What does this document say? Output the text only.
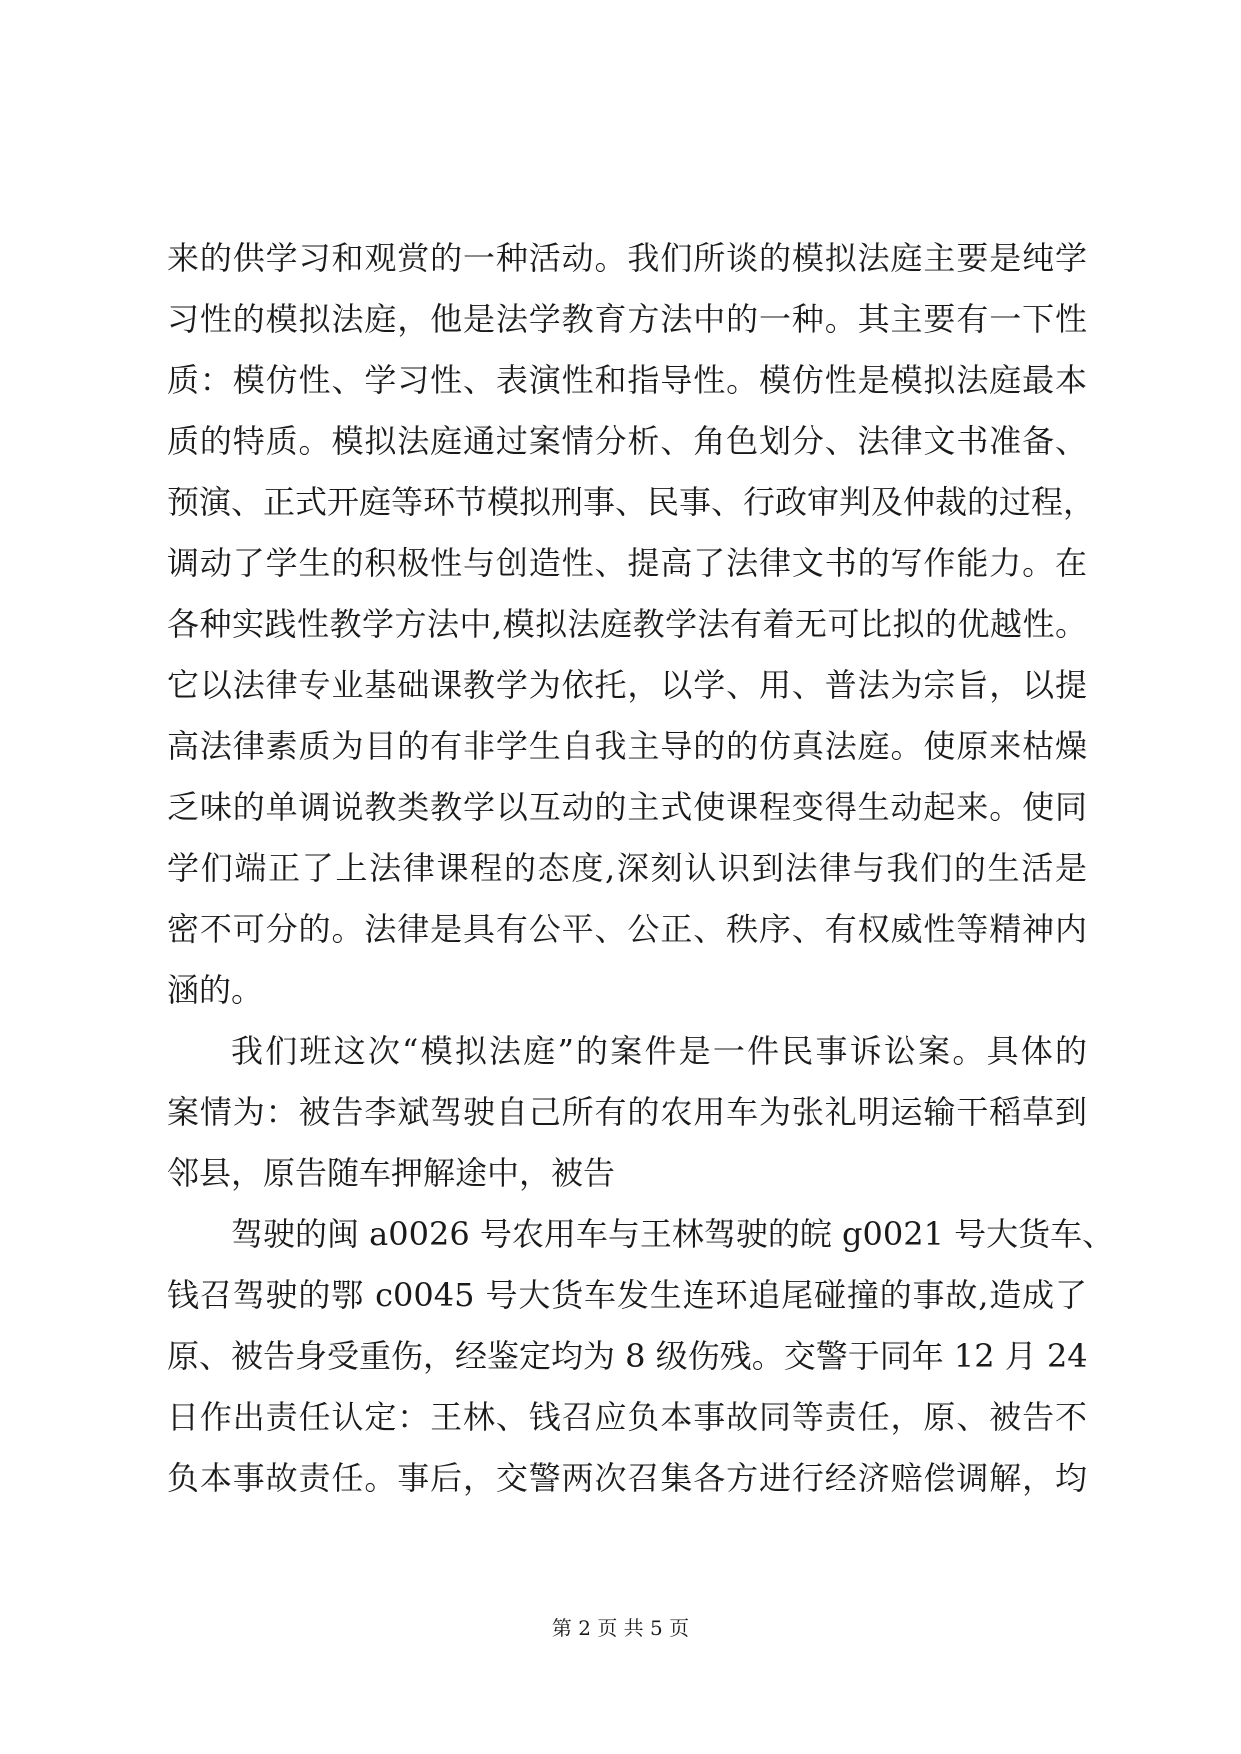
来的供学习和观赏的一种活动。我们所谈的模拟法庭主要是纯学
习性的模拟法庭，他是法学教育方法中的一种。其主要有一下性
质：模仿性、学习性、表演性和指导性。模仿性是模拟法庭最本
质的特质。模拟法庭通过案情分析、角色划分、法律文书准备、
预演、正式开庭等环节模拟刑事、民事、行政审判及仲裁的过程，
调动了学生的积极性与创造性、提高了法律文书的写作能力。在
各种实践性教学方法中,模拟法庭教学法有着无可比拟的优越性。
它以法律专业基础课教学为依托，以学、用、普法为宗旨，以提
高法律素质为目的有非学生自我主导的的仿真法庭。使原来枯燥
乏味的单调说教类教学以互动的主式使课程变得生动起来。使同
学们端正了上法律课程的态度,深刻认识到法律与我们的生活是
密不可分的。法律是具有公平、公正、秩序、有权威性等精神内
涵的。
我们班这次“模拟法庭”的案件是一件民事诉讼案。具体的
案情为：被告李斌驾驶自己所有的农用车为张礼明运输干稻草到
邻县，原告随车押解途中，被告
驾驶的闽 a0026 号农用车与王林驾驶的皖 g0021 号大货车、
钱召驾驶的鄂 c0045 号大货车发生连环追尾碰撞的事故,造成了
原、被告身受重伤，经鉴定均为 8 级伤残。交警于同年 12 月 24
日作出责任认定：王林、钱召应负本事故同等责任，原、被告不
负本事故责任。事后，交警两次召集各方进行经济赔偿调解，均
第 2 页 共 5 页
